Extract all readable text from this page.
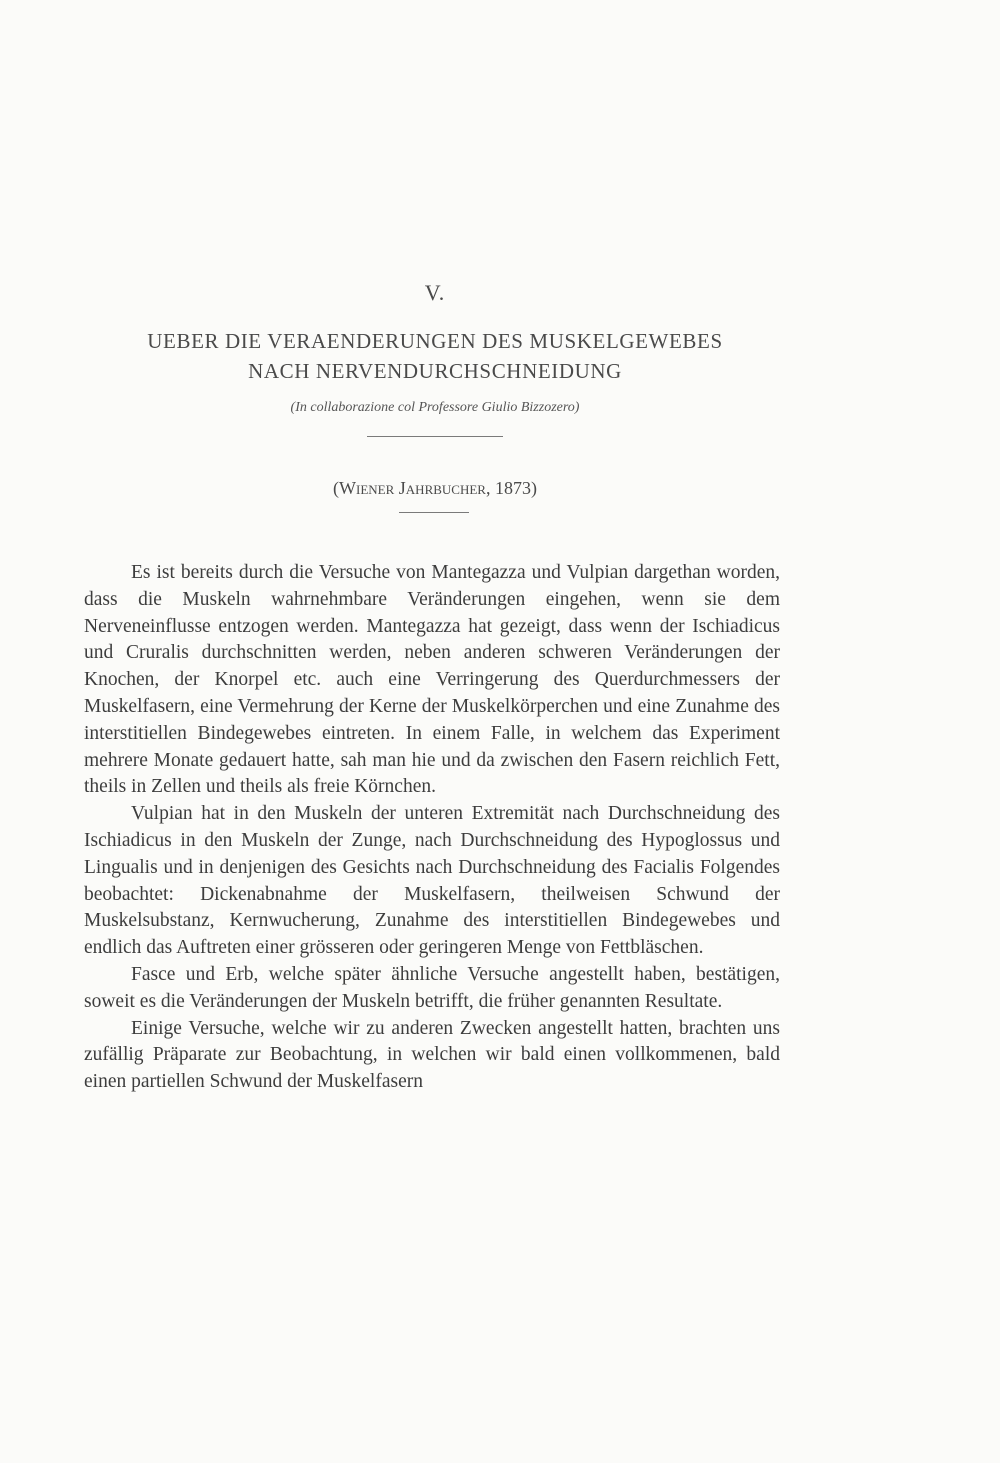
V.
UEBER DIE VERAENDERUNGEN DES MUSKELGEWEBES
NACH NERVENDURCHSCHNEIDUNG
(In collaborazione col Professore Giulio Bizzozero)
(Wiener Jahrbucher, 1873)

Es ist bereits durch die Versuche von Mantegazza und Vulpian dargethan worden, dass die Muskeln wahrnehmbare Veränderungen eingehen, wenn sie dem Nerveneinflusse entzogen werden. Mantegazza hat gezeigt, dass wenn der Ischiadicus und Cruralis durchschnitten werden, neben anderen schweren Veränderungen der Knochen, der Knorpel etc. auch eine Verringerung des Querdurchmessers der Muskelfasern, eine Vermehrung der Kerne der Muskelkörperchen und eine Zunahme des interstitiellen Bindegewebes eintreten. In einem Falle, in welchem das Experiment mehrere Monate gedauert hatte, sah man hie und da zwischen den Fasern reichlich Fett, theils in Zellen und theils als freie Körnchen.

Vulpian hat in den Muskeln der unteren Extremität nach Durchschneidung des Ischiadicus in den Muskeln der Zunge, nach Durchschneidung des Hypoglossus und Lingualis und in denjenigen des Gesichts nach Durchschneidung des Facialis Folgendes beobachtet: Dickenabnahme der Muskelfasern, theilweisen Schwund der Muskelsubstanz, Kernwucherung, Zunahme des interstitiellen Bindegewebes und endlich das Auftreten einer grösseren oder geringeren Menge von Fettbläschen.

Fasce und Erb, welche später ähnliche Versuche angestellt haben, bestätigen, soweit es die Veränderungen der Muskeln betrifft, die früher genannten Resultate.

Einige Versuche, welche wir zu anderen Zwecken angestellt hatten, brachten uns zufällig Präparate zur Beobachtung, in welchen wir bald einen vollkommenen, bald einen partiellen Schwund der Muskelfasern
